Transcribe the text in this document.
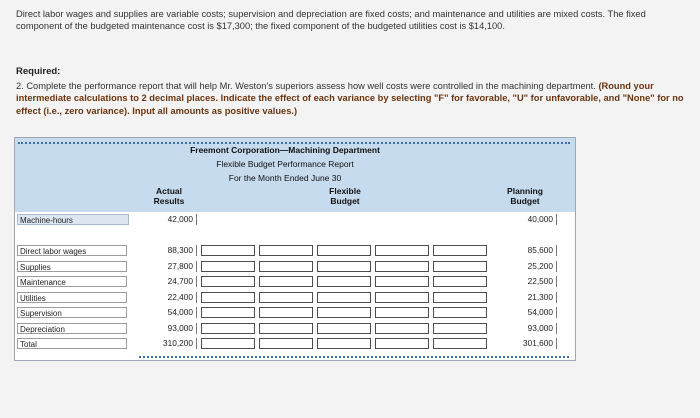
Direct labor wages and supplies are variable costs; supervision and depreciation are fixed costs; and maintenance and utilities are mixed costs. The fixed component of the budgeted maintenance cost is $17,300; the fixed component of the budgeted utilities cost is $14,100.
Required:
2. Complete the performance report that will help Mr. Weston's superiors assess how well costs were controlled in the machining department. (Round your intermediate calculations to 2 decimal places. Indicate the effect of each variance by selecting "F" for favorable, "U" for unfavorable, and "None" for no effect (i.e., zero variance). Input all amounts as positive values.)
Freemont Corporation—Machining Department
Flexible Budget Performance Report
For the Month Ended June 30
Actual
Results
Flexible
Budget
Planning
Budget
Machine-hours	42,000	40,000
Direct labor wages	88,300	85,600
Supplies	27,800	25,200
Maintenance	24,700	22,500
Utilities	22,400	21,300
Supervision	54,000	54,000
Depreciation	93,000	93,000
Total	310,200	301,600
